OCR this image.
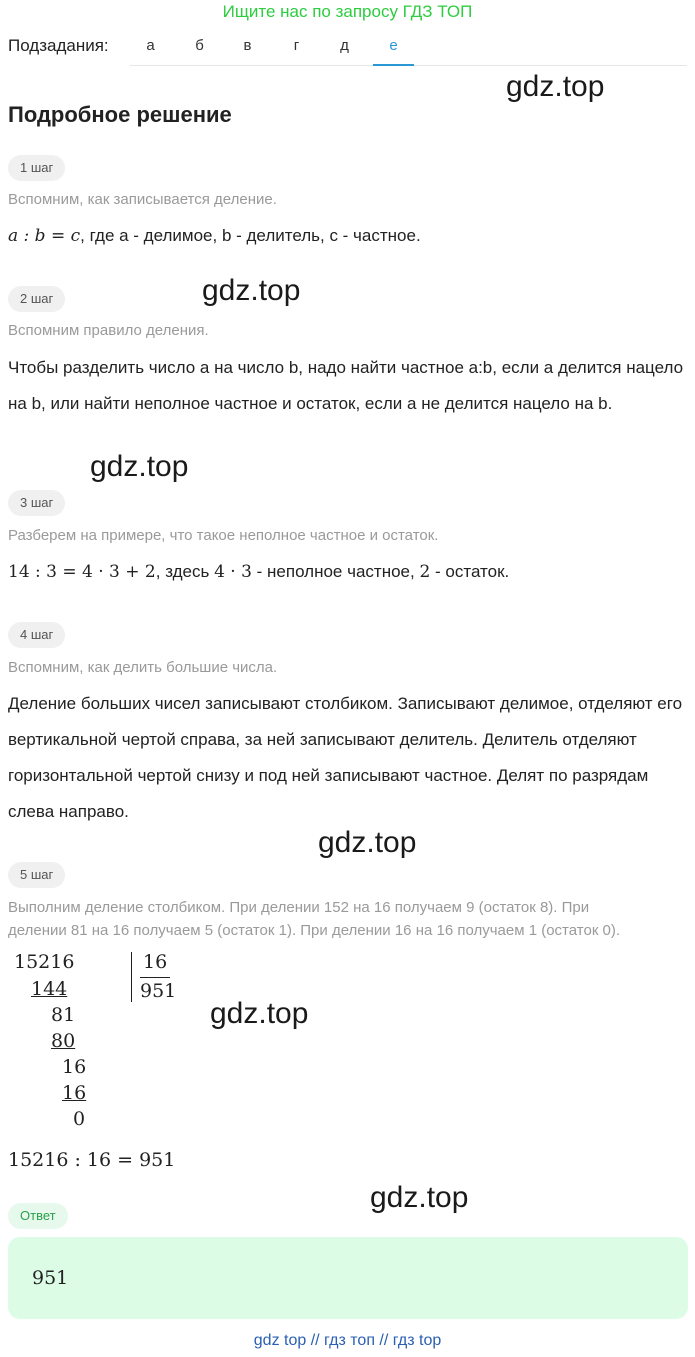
Ищите нас по запросу ГДЗ ТОП
Подзадания:	а	б	в	г	д	е
gdz.top
Подробное решение
1 шаг
Вспомним, как записывается деление.
a : b = c, где a - делимое, b - делитель, c - частное.
2 шаг	gdz.top
Вспомним правило деления.
Чтобы разделить число a на число b, надо найти частное a:b, если a делится нацело на b, или найти неполное частное и остаток, если a не делится нацело на b.
gdz.top
3 шаг
Разберем на примере, что такое неполное частное и остаток.
14 : 3 = 4 · 3 + 2, здесь 4 · 3 - неполное частное, 2 - остаток.
4 шаг
Вспомним, как делить большие числа.
Деление больших чисел записывают столбиком. Записывают делимое, отделяют его вертикальной чертой справа, за ней записывают делитель. Делитель отделяют горизонтальной чертой снизу и под ней записывают частное. Делят по разрядам слева направо.
gdz.top
5 шаг
Выполним деление столбиком. При делении 152 на 16 получаем 9 (остаток 8). При
делении 81 на 16 получаем 5 (остаток 1). При делении 16 на 16 получаем 1 (остаток 0).
15216	16
951
144
81
80
16
16
0
gdz.top
15216 : 16 = 951
gdz.top
Ответ
951
gdz top // гдз топ // гдз top
